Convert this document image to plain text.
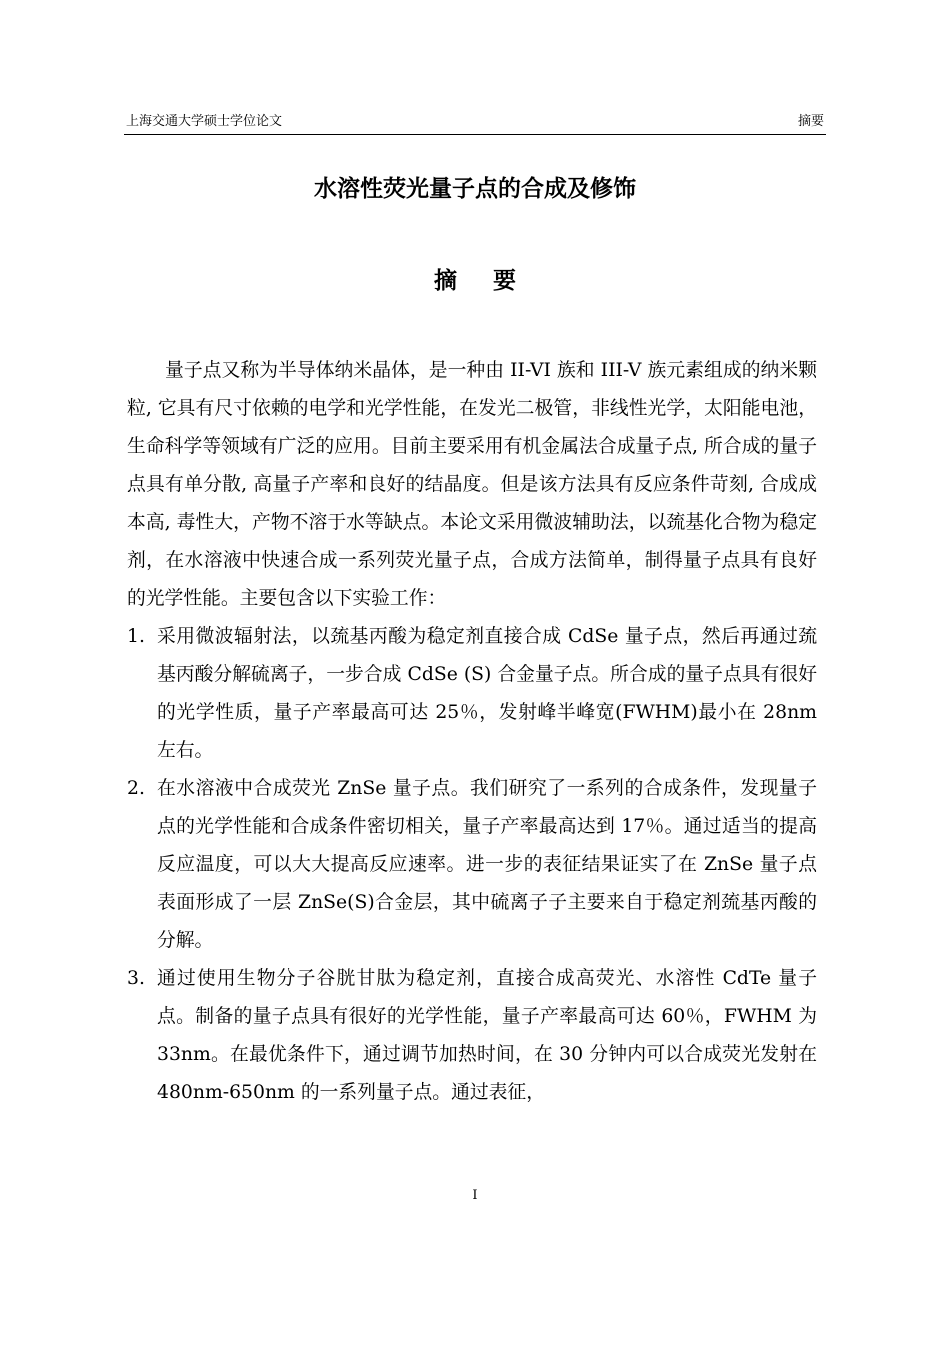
上海交通大学硕士学位论文	摘要
水溶性荧光量子点的合成及修饰
摘 要

量子点又称为半导体纳米晶体，是一种由 II-VI 族和 III-V 族元素组成的纳米颗粒, 它具有尺寸依赖的电学和光学性能，在发光二极管，非线性光学，太阳能电池，生命科学等领域有广泛的应用。目前主要采用有机金属法合成量子点, 所合成的量子点具有单分散, 高量子产率和良好的结晶度。但是该方法具有反应条件苛刻, 合成成本高, 毒性大，产物不溶于水等缺点。本论文采用微波辅助法，以巯基化合物为稳定剂，在水溶液中快速合成一系列荧光量子点，合成方法简单，制得量子点具有良好的光学性能。主要包含以下实验工作：

1. 采用微波辐射法，以巯基丙酸为稳定剂直接合成 CdSe 量子点，然后再通过巯基丙酸分解硫离子，一步合成 CdSe (S) 合金量子点。所合成的量子点具有很好的光学性质，量子产率最高可达 25％，发射峰半峰宽(FWHM)最小在 28nm 左右。
2. 在水溶液中合成荧光 ZnSe 量子点。我们研究了一系列的合成条件，发现量子点的光学性能和合成条件密切相关，量子产率最高达到 17％。通过适当的提高反应温度，可以大大提高反应速率。进一步的表征结果证实了在 ZnSe 量子点表面形成了一层 ZnSe(S)合金层，其中硫离子子主要来自于稳定剂巯基丙酸的分解。
3. 通过使用生物分子谷胱甘肽为稳定剂，直接合成高荧光、水溶性 CdTe 量子点。制备的量子点具有很好的光学性能，量子产率最高可达 60％，FWHM 为 33nm。在最优条件下，通过调节加热时间，在 30 分钟内可以合成荧光发射在 480nm-650nm 的一系列量子点。通过表征，
I
